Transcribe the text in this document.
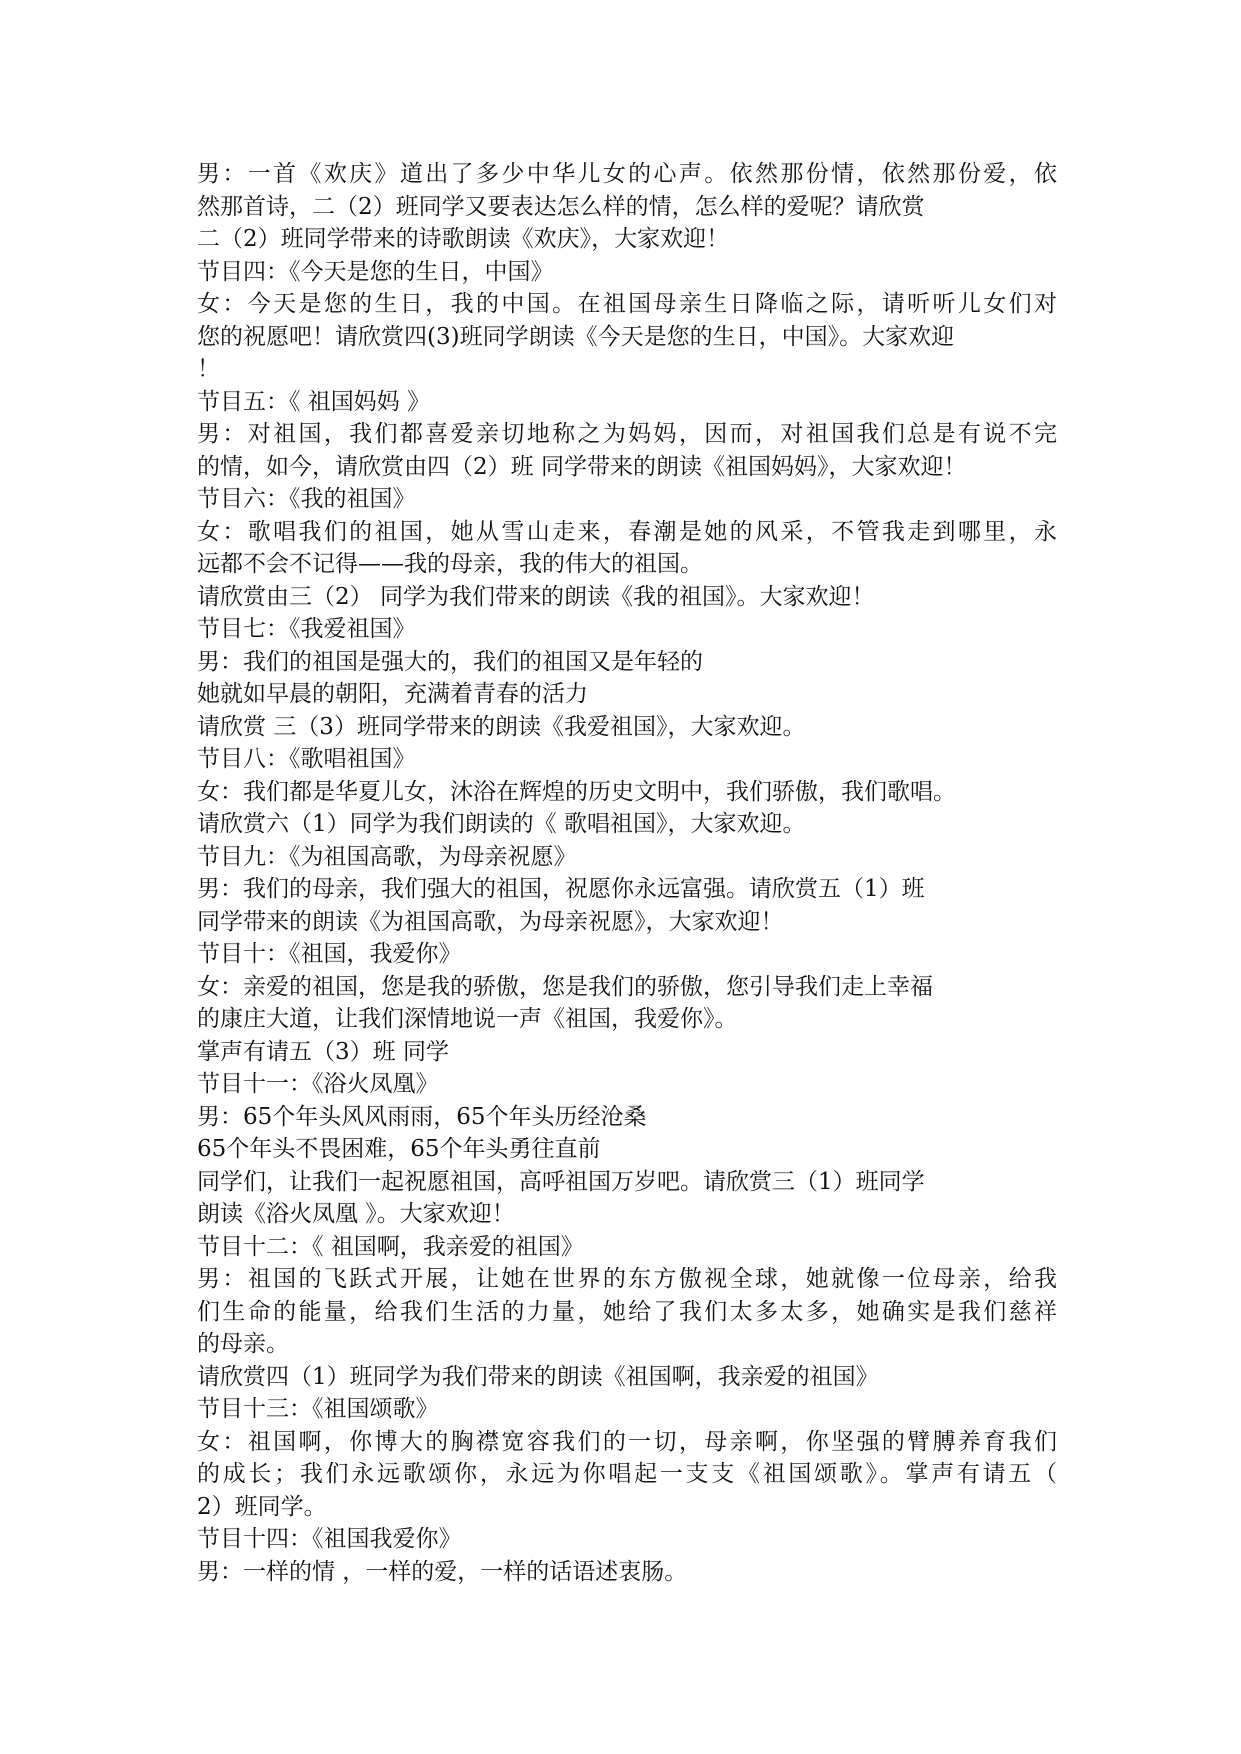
男：一首《欢庆》道出了多少中华儿女的心声。依然那份情，依然那份爱，依

然那首诗，二（2）班同学又要表达怎么样的情，怎么样的爱呢？请欣赏

二（2）班同学带来的诗歌朗读《欢庆》，大家欢迎！

节目四：《今天是您的生日，中国》

女：今天是您的生日，我的中国。在祖国母亲生日降临之际，请听听儿女们对

您的祝愿吧！请欣赏四(3)班同学朗读《今天是您的生日，中国》。大家欢迎

！

节目五：《 祖国妈妈 》

男：对祖国，我们都喜爱亲切地称之为妈妈，因而，对祖国我们总是有说不完

的情，如今，请欣赏由四（2）班 同学带来的朗读《祖国妈妈》，大家欢迎！

节目六：《我的祖国》

女：歌唱我们的祖国，她从雪山走来，春潮是她的风采，不管我走到哪里，永

远都不会不记得——我的母亲，我的伟大的祖国。

请欣赏由三（2） 同学为我们带来的朗读《我的祖国》。大家欢迎！

节目七：《我爱祖国》

男：我们的祖国是强大的，我们的祖国又是年轻的

她就如早晨的朝阳，充满着青春的活力

请欣赏 三（3）班同学带来的朗读《我爱祖国》，大家欢迎。

节目八：《歌唱祖国》

女：我们都是华夏儿女，沐浴在辉煌的历史文明中，我们骄傲，我们歌唱。

请欣赏六（1）同学为我们朗读的《 歌唱祖国》，大家欢迎。

节目九：《为祖国高歌，为母亲祝愿》

男：我们的母亲，我们强大的祖国，祝愿你永远富强。请欣赏五（1）班

同学带来的朗读《为祖国高歌，为母亲祝愿》，大家欢迎！

节目十：《祖国，我爱你》

女：亲爱的祖国，您是我的骄傲，您是我们的骄傲，您引导我们走上幸福

的康庄大道，让我们深情地说一声《祖国，我爱你》。

掌声有请五（3）班 同学

节目十一：《浴火凤凰》

男：65个年头风风雨雨，65个年头历经沧桑

65个年头不畏困难，65个年头勇往直前

同学们，让我们一起祝愿祖国，高呼祖国万岁吧。请欣赏三（1）班同学

朗读《浴火凤凰 》。大家欢迎！

节目十二：《 祖国啊，我亲爱的祖国》

男：祖国的飞跃式开展，让她在世界的东方傲视全球，她就像一位母亲，给我

们生命的能量，给我们生活的力量，她给了我们太多太多，她确实是我们慈祥

的母亲。

请欣赏四（1）班同学为我们带来的朗读《祖国啊，我亲爱的祖国》

节目十三：《祖国颂歌》

女：祖国啊，你博大的胸襟宽容我们的一切，母亲啊，你坚强的臂膊养育我们

的成长；我们永远歌颂你，永远为你唱起一支支《祖国颂歌》。掌声有请五（

2）班同学。

节目十四：《祖国我爱你》

男：一样的情 ，一样的爱，一样的话语述衷肠。
